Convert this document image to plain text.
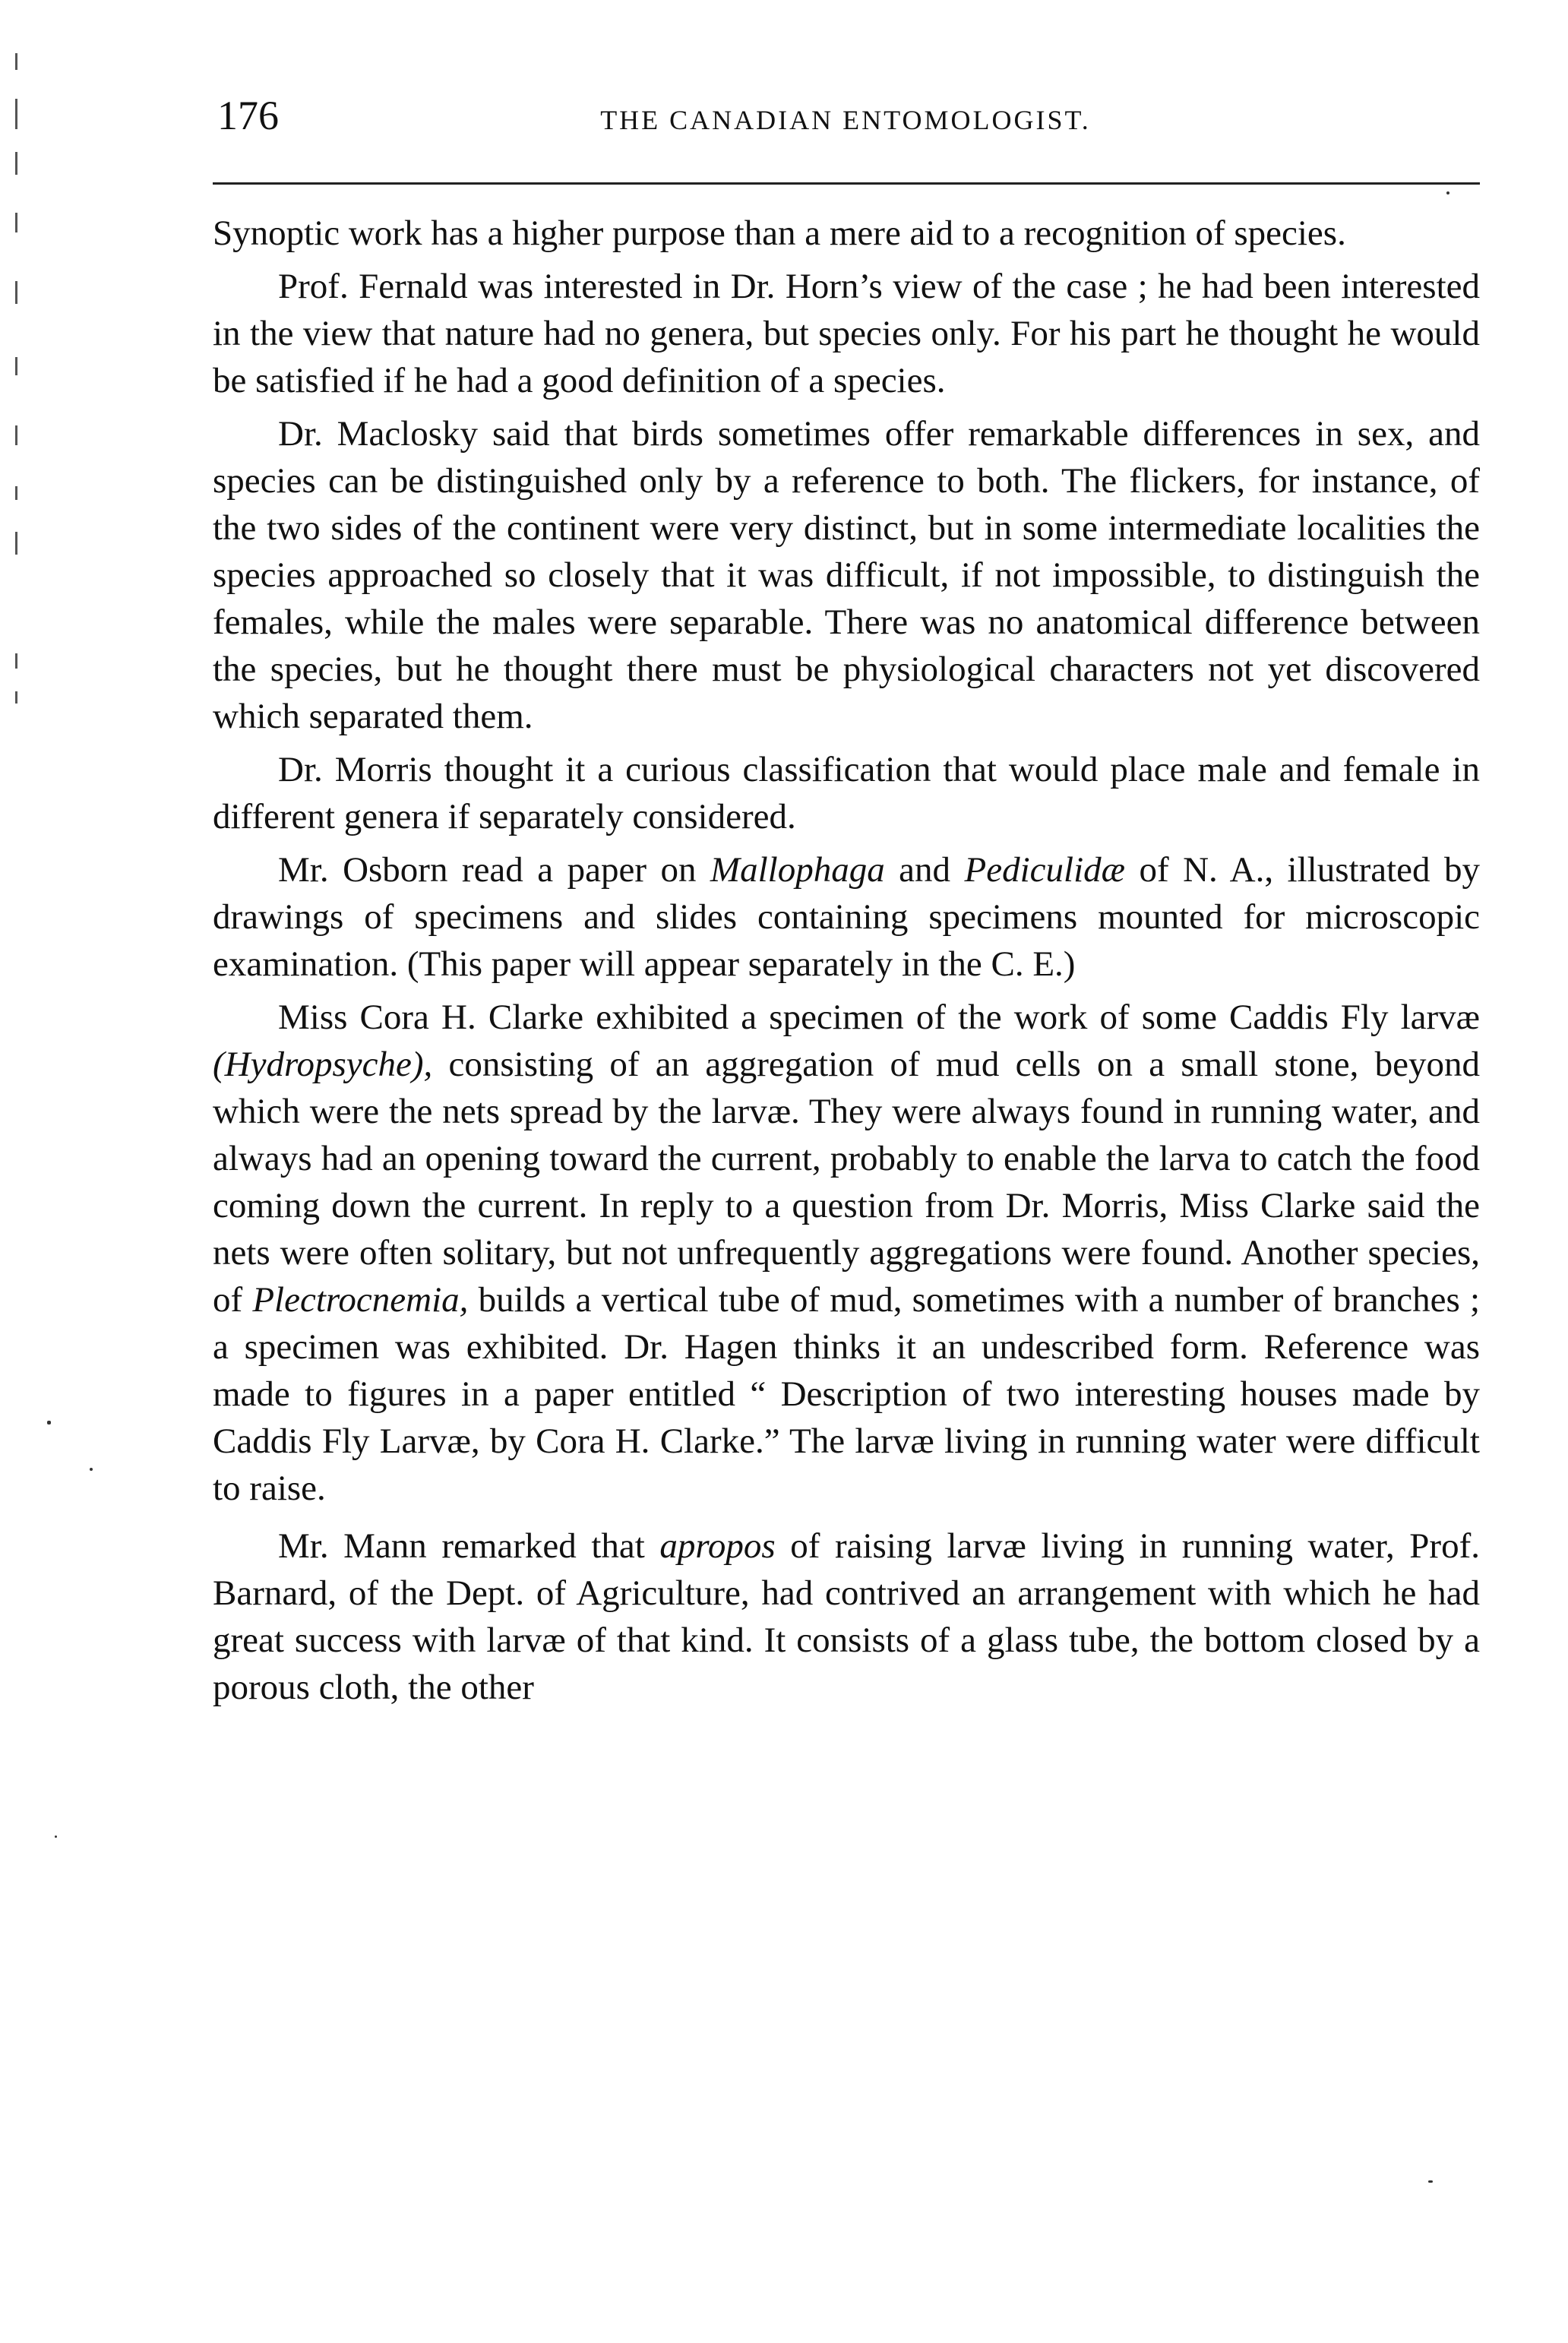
176	THE CANADIAN ENTOMOLOGIST.

Synoptic work has a higher purpose than a mere aid to a recognition of species.

Prof. Fernald was interested in Dr. Horn’s view of the case ; he had been interested in the view that nature had no genera, but species only. For his part he thought he would be satisfied if he had a good definition of a species.

Dr. Maclosky said that birds sometimes offer remarkable differences in sex, and species can be distinguished only by a reference to both. The flickers, for instance, of the two sides of the continent were very distinct, but in some intermediate localities the species approached so closely that it was difficult, if not impossible, to distinguish the females, while the males were separable. There was no anatomical difference between the species, but he thought there must be physiological characters not yet discovered which separated them.

Dr. Morris thought it a curious classification that would place male and female in different genera if separately considered.

Mr. Osborn read a paper on Mallophaga and Pediculidæ of N. A., illustrated by drawings of specimens and slides containing specimens mounted for microscopic examination. (This paper will appear separately in the C. E.)

Miss Cora H. Clarke exhibited a specimen of the work of some Caddis Fly larvæ (Hydropsyche), consisting of an aggregation of mud cells on a small stone, beyond which were the nets spread by the larvæ. They were always found in running water, and always had an opening toward the current, probably to enable the larva to catch the food coming down the current. In reply to a question from Dr. Morris, Miss Clarke said the nets were often solitary, but not unfrequently aggregations were found. Another species, of Plectrocnemia, builds a vertical tube of mud, sometimes with a number of branches ; a specimen was exhibited. Dr. Hagen thinks it an undescribed form. Reference was made to figures in a paper entitled “ Description of two interesting houses made by Caddis Fly Larvæ, by Cora H. Clarke.” The larvæ living in running water were difficult to raise.

Mr. Mann remarked that apropos of raising larvæ living in running water, Prof. Barnard, of the Dept. of Agriculture, had contrived an arrangement with which he had great success with larvæ of that kind. It consists of a glass tube, the bottom closed by a porous cloth, the other
